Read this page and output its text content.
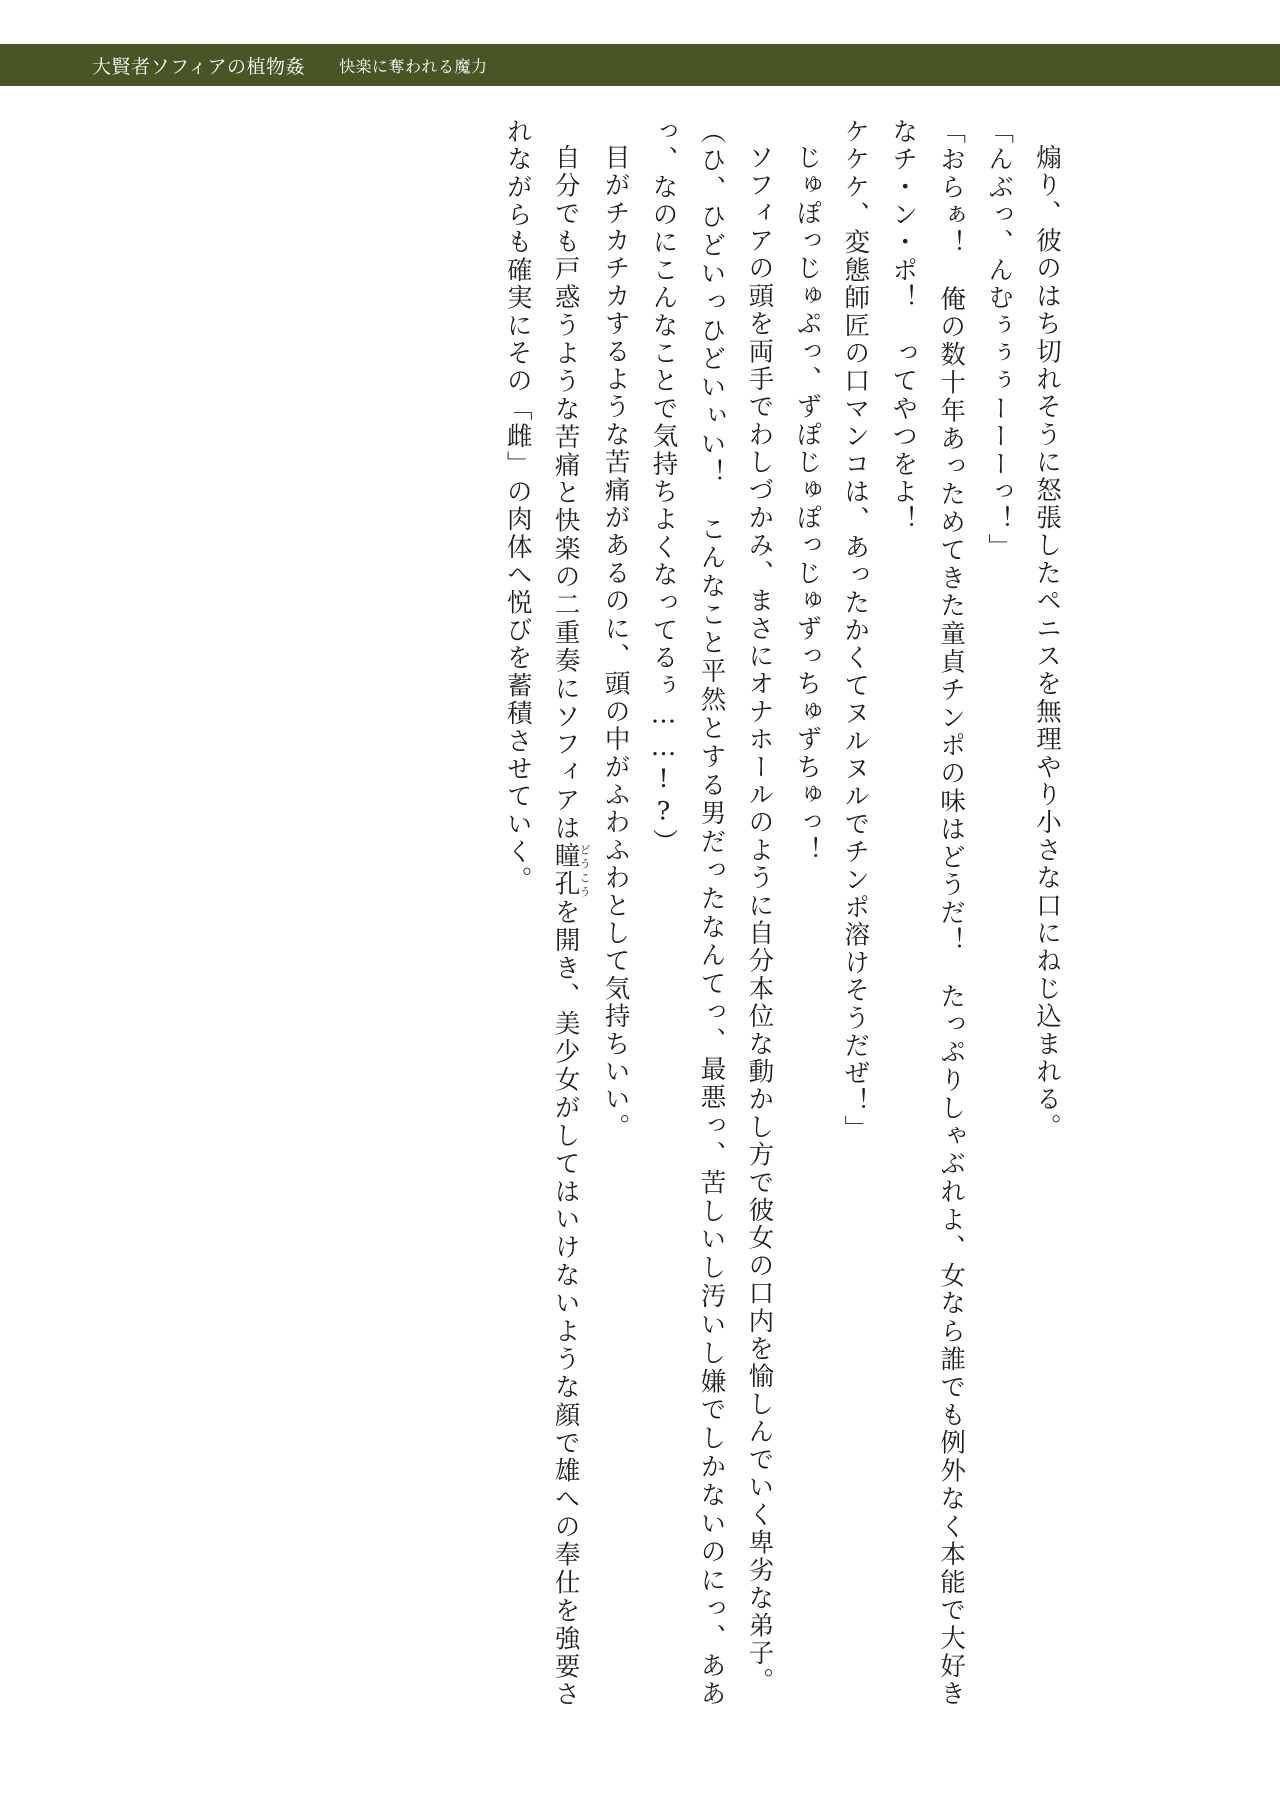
大賢者ソフィアの植物姦 快楽に奪われる魔力

煽り、彼のはち切れそうに怒張したペニスを無理やり小さな口にねじ込まれる。

「んぶっ、んむぅぅぅーーーっ！」

「おらぁ！　俺の数十年あっためてきた童貞チンポの味はどうだ！　たっぷりしゃぶれよ、女なら誰でも例外なく本能で大好きなチ・ン・ポ！　ってやつをよ！

ケケケ、変態師匠の口マンコは、あったかくてヌルヌルでチンポ溶けそうだぜ！」

じゅぽっじゅぷっ、ずぽじゅぽっじゅずっちゅずちゅっ！

ソフィアの頭を両手でわしづかみ、まさにオナホールのように自分本位な動かし方で彼女の口内を愉しんでいく卑劣な弟子。

（ひ、ひどいっひどいぃい！　こんなこと平然とする男だったなんてっ、最悪っ、苦しいし汚いし嫌でしかないのにっ、ああっ、なのにこんなことで気持ちよくなってるぅ……!?）

目がチカチカするような苦痛があるのに、頭の中がふわふわとして気持ちいい。

自分でも戸惑うような苦痛と快楽の二重奏にソフィアは瞳孔どうこうを開き、美少女がしてはいけないような顔で雄への奉仕を強要されながらも確実にその「雌」の肉体へ悦びを蓄積させていく。
